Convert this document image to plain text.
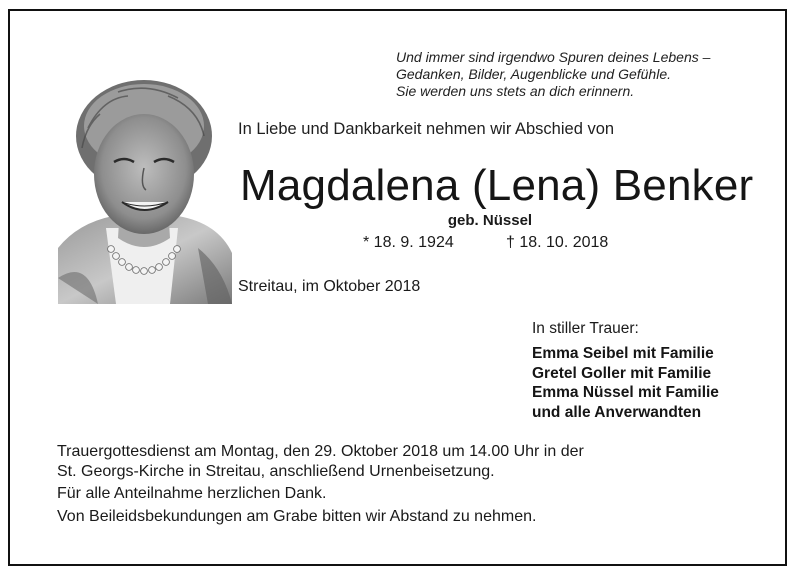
Und immer sind irgendwo Spuren deines Lebens –
Gedanken, Bilder, Augenblicke und Gefühle.
Sie werden uns stets an dich erinnern.
In Liebe und Dankbarkeit nehmen wir Abschied von
Magdalena (Lena) Benker
geb. Nüssel
* 18. 9. 1924	† 18. 10. 2018
Streitau, im Oktober 2018
In stiller Trauer:
Emma Seibel mit Familie
Gretel Goller mit Familie
Emma Nüssel mit Familie
und alle Anverwandten
Trauergottesdienst am Montag, den 29. Oktober 2018 um 14.00 Uhr in der
St. Georgs-Kirche in Streitau, anschließend Urnenbeisetzung.
Für alle Anteilnahme herzlichen Dank.
Von Beileidsbekundungen am Grabe bitten wir Abstand zu nehmen.
